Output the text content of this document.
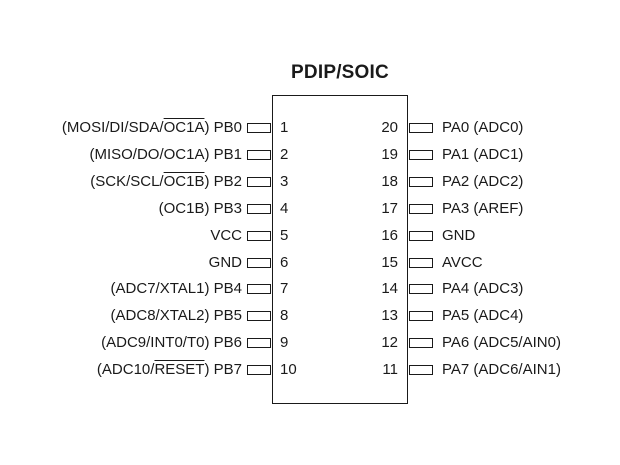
PDIP/SOIC
(MOSI/DI/SDA/OC1A) PB0	1
(MISO/DO/OC1A) PB1	2
(SCK/SCL/OC1B) PB2	3
(OC1B) PB3	4
VCC	5
GND	6
(ADC7/XTAL1) PB4	7
(ADC8/XTAL2) PB5	8
(ADC9/INT0/T0) PB6	9
(ADC10/RESET) PB7	10
20	PA0 (ADC0)
19	PA1 (ADC1)
18	PA2 (ADC2)
17	PA3 (AREF)
16	GND
15	AVCC
14	PA4 (ADC3)
13	PA5 (ADC4)
12	PA6 (ADC5/AIN0)
11	PA7 (ADC6/AIN1)
